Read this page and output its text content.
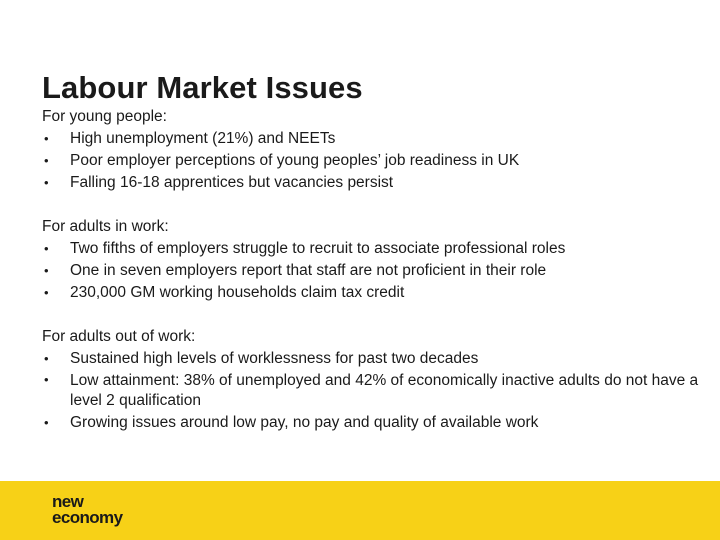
Labour Market Issues

For young people:

• High unemployment (21%) and NEETs
• Poor employer perceptions of young peoples’ job readiness in UK
• Falling 16-18 apprentices but vacancies persist

For adults in work:

• Two fifths of employers struggle to recruit to associate professional roles
• One in seven employers report that staff are not proficient in their role
• 230,000 GM working households claim tax credit

For adults out of work:

• Sustained high levels of worklessness for past two decades
• Low attainment: 38% of unemployed and 42% of economically inactive adults do not have a level 2 qualification
• Growing issues around low pay, no pay and quality of available work
new
economy
